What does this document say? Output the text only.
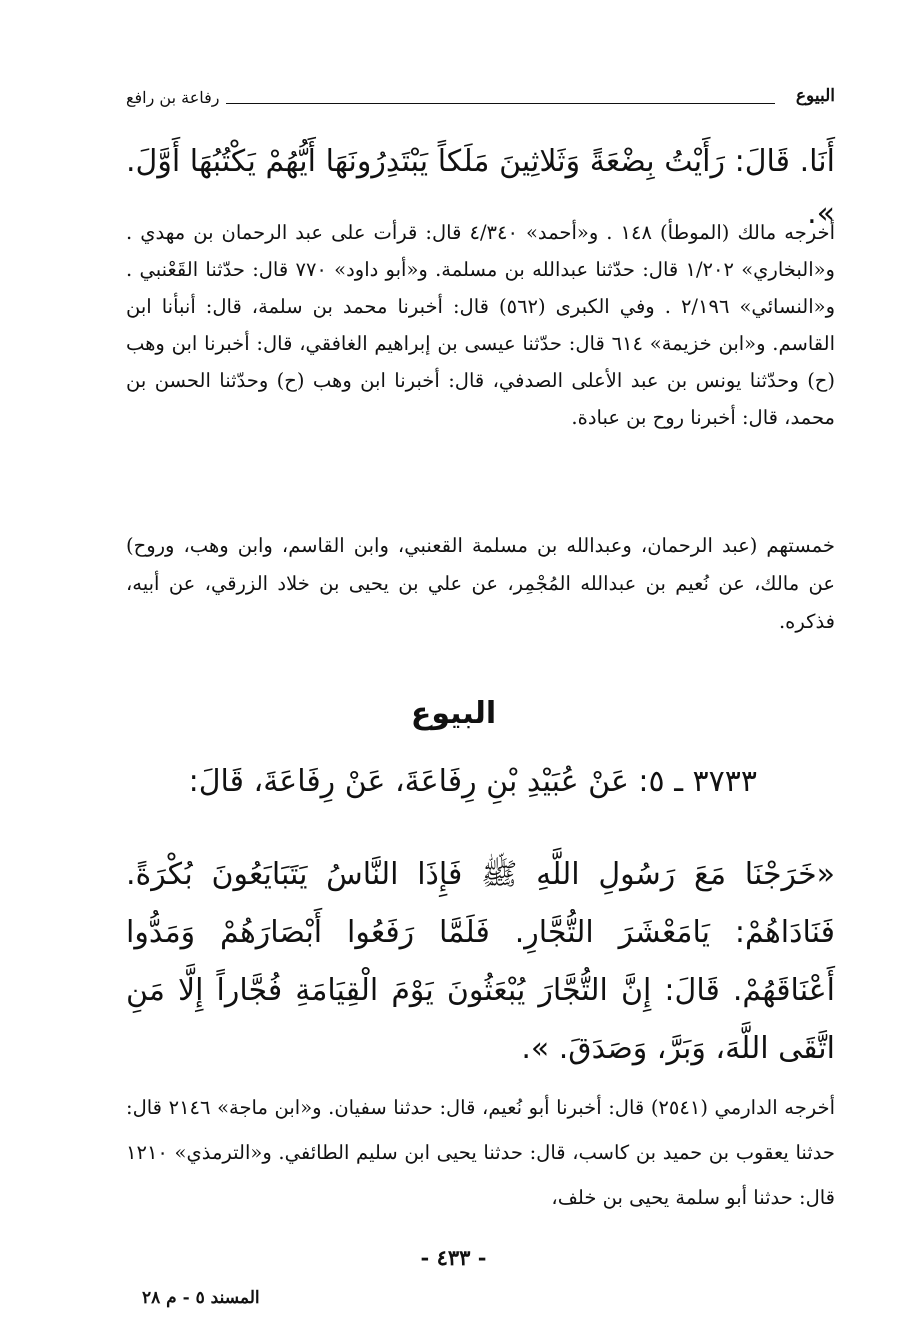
البيوع
رفاعة بن رافع
أَنَا. قَالَ: رَأَيْتُ بِضْعَةً وَثَلاثِينَ مَلَكاً يَبْتَدِرُونَهَا أَيُّهُمْ يَكْتُبُهَا أَوَّلَ. ».
أخرجه مالك (الموطأ) ١٤٨ . و«أحمد» ٤/٣٤٠ قال: قرأت على عبد الرحمان بن مهدي . و«البخاري» ١/٢٠٢ قال: حدّثنا عبدالله بن مسلمة. و«أبو داود» ٧٧٠ قال: حدّثنا القَعْنبي . و«النسائي» ٢/١٩٦ . وفي الكبرى (٥٦٢) قال: أخبرنا محمد بن سلمة، قال: أنبأنا ابن القاسم. و«ابن خزيمة» ٦١٤ قال: حدّثنا عيسى بن إبراهيم الغافقي، قال: أخبرنا ابن وهب (ح) وحدّثنا يونس بن عبد الأعلى الصدفي، قال: أخبرنا ابن وهب (ح) وحدّثنا الحسن بن محمد، قال: أخبرنا روح بن عبادة.
خمستهم (عبد الرحمان، وعبدالله بن مسلمة القعنبي، وابن القاسم، وابن وهب، وروح) عن مالك، عن نُعيم بن عبدالله المُجْمِر، عن علي بن يحيى بن خلاد الزرقي، عن أبيه، فذكره.
البيوع
٣٧٣٣ ـ ٥: عَنْ عُبَيْدِ بْنِ رِفَاعَةَ، عَنْ رِفَاعَةَ، قَالَ:
«خَرَجْنَا مَعَ رَسُولِ اللَّهِ ﷺ فَإِذَا النَّاسُ يَتَبَايَعُونَ بُكْرَةً. فَنَادَاهُمْ: يَامَعْشَرَ التُّجَّارِ. فَلَمَّا رَفَعُوا أَبْصَارَهُمْ وَمَدُّوا أَعْنَاقَهُمْ. قَالَ: إِنَّ التُّجَّارَ يُبْعَثُونَ يَوْمَ الْقِيَامَةِ فُجَّاراً إِلَّا مَنِ اتَّقَى اللَّهَ، وَبَرَّ، وَصَدَقَ. ».
أخرجه الدارمي (٢٥٤١) قال: أخبرنا أبو نُعيم، قال: حدثنا سفيان. و«ابن ماجة» ٢١٤٦ قال: حدثنا يعقوب بن حميد بن كاسب، قال: حدثنا يحيى ابن سليم الطائفي. و«الترمذي» ١٢١٠ قال: حدثنا أبو سلمة يحيى بن خلف،
- ٤٣٣ -
المسند ٥ - م ٢٨
